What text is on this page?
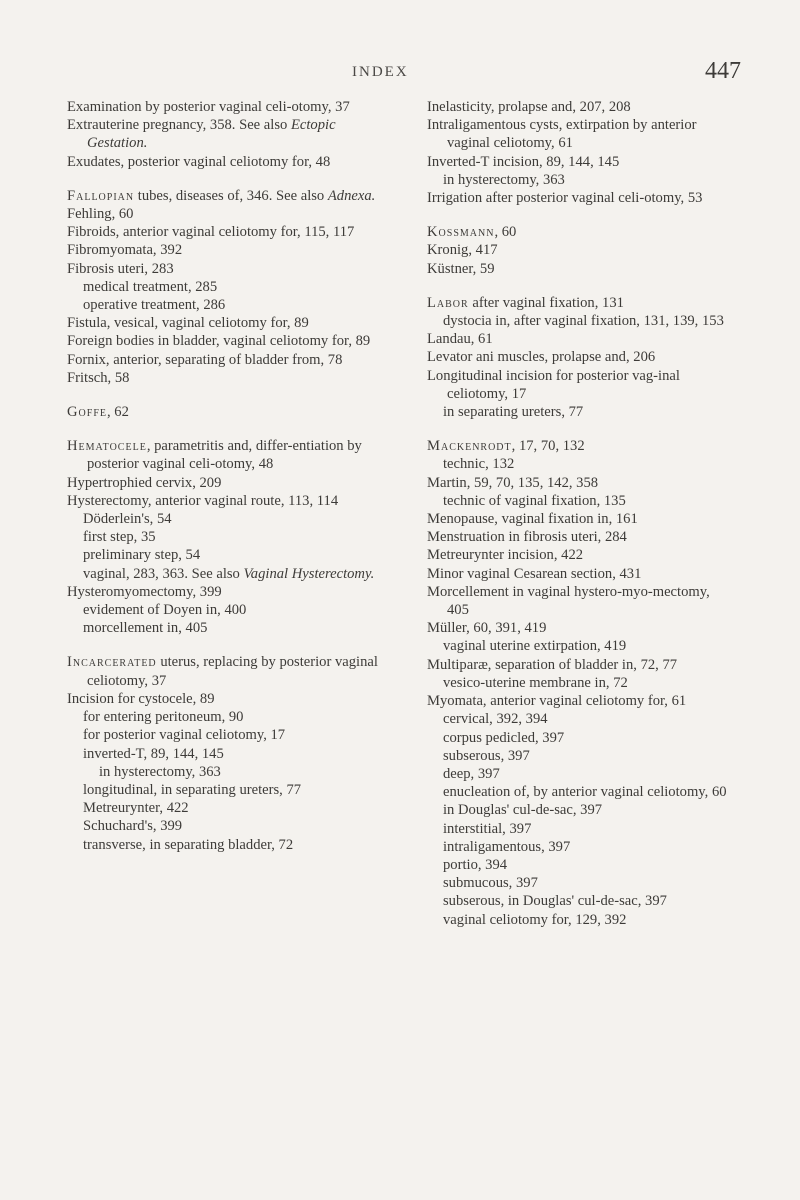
INDEX	447

Examination by posterior vaginal celi-otomy, 37

Extrauterine pregnancy, 358. See also Ectopic Gestation.

Exudates, posterior vaginal celiotomy for, 48

Fallopian tubes, diseases of, 346. See also Adnexa.

Fehling, 60

Fibroids, anterior vaginal celiotomy for, 115, 117

Fibromyomata, 392

Fibrosis uteri, 283

medical treatment, 285

operative treatment, 286

Fistula, vesical, vaginal celiotomy for, 89

Foreign bodies in bladder, vaginal celiotomy for, 89

Fornix, anterior, separating of bladder from, 78

Fritsch, 58

Goffe, 62

Hematocele, parametritis and, differ-entiation by posterior vaginal celi-otomy, 48

Hypertrophied cervix, 209

Hysterectomy, anterior vaginal route, 113, 114

Döderlein's, 54

first step, 35

preliminary step, 54

vaginal, 283, 363. See also Vaginal Hysterectomy.

Hysteromyomectomy, 399

evidement of Doyen in, 400

morcellement in, 405

Incarcerated uterus, replacing by posterior vaginal celiotomy, 37

Incision for cystocele, 89

for entering peritoneum, 90

for posterior vaginal celiotomy, 17

inverted-T, 89, 144, 145

in hysterectomy, 363

longitudinal, in separating ureters, 77

Metreurynter, 422

Schuchard's, 399

transverse, in separating bladder, 72

Inelasticity, prolapse and, 207, 208

Intraligamentous cysts, extirpation by anterior vaginal celiotomy, 61

Inverted-T incision, 89, 144, 145

in hysterectomy, 363

Irrigation after posterior vaginal celi-otomy, 53

Kossmann, 60

Kronig, 417

Küstner, 59

Labor after vaginal fixation, 131

dystocia in, after vaginal fixation, 131, 139, 153

Landau, 61

Levator ani muscles, prolapse and, 206

Longitudinal incision for posterior vag-inal celiotomy, 17

in separating ureters, 77

Mackenrodt, 17, 70, 132

technic, 132

Martin, 59, 70, 135, 142, 358

technic of vaginal fixation, 135

Menopause, vaginal fixation in, 161

Menstruation in fibrosis uteri, 284

Metreurynter incision, 422

Minor vaginal Cesarean section, 431

Morcellement in vaginal hystero-myo-mectomy, 405

Müller, 60, 391, 419

vaginal uterine extirpation, 419

Multiparæ, separation of bladder in, 72, 77

vesico-uterine membrane in, 72

Myomata, anterior vaginal celiotomy for, 61

cervical, 392, 394

corpus pedicled, 397

subserous, 397

deep, 397

enucleation of, by anterior vaginal celiotomy, 60

in Douglas' cul-de-sac, 397

interstitial, 397

intraligamentous, 397

portio, 394

submucous, 397

subserous, in Douglas' cul-de-sac, 397

vaginal celiotomy for, 129, 392
